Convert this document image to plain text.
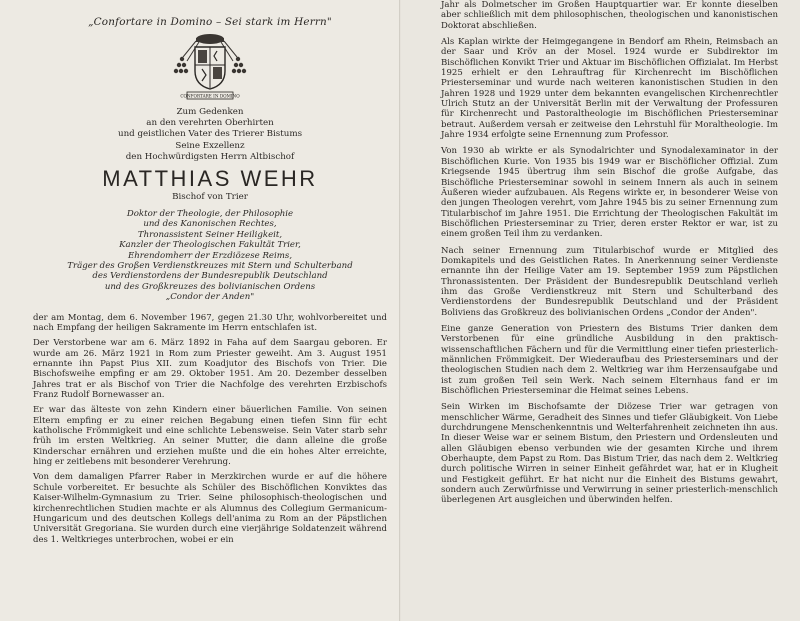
„Confortare in Domino – Sei stark im Herrn"
CONFORTARE IN DOMINO
Zum Gedenken
an den verehrten Oberhirten
und geistlichen Vater des Trierer Bistums
Seine Exzellenz
den Hochwürdigsten Herrn Altbischof
MATTHIAS WEHR
Bischof von Trier
Doktor der Theologie, der Philosophie
und des Kanonischen Rechtes,
Thronassistent Seiner Heiligkeit,
Kanzler der Theologischen Fakultät Trier,
Ehrendomherr der Erzdiözese Reims,
Träger des Großen Verdienstkreuzes mit Stern und Schulterband
des Verdienstordens der Bundesrepublik Deutschland
und des Großkreuzes des bolivianischen Ordens
„Condor der Anden"

der am Montag, dem 6. November 1967, gegen 21.30 Uhr, wohlvorbereitet und nach Empfang der heiligen Sakramente im Herrn entschlafen ist.

Der Verstorbene war am 6. März 1892 in Faha auf dem Saargau geboren. Er wurde am 26. März 1921 in Rom zum Priester geweiht. Am 3. August 1951 ernannte ihn Papst Pius XII. zum Koadjutor des Bischofs von Trier. Die Bischofsweihe empfing er am 29. Oktober 1951. Am 20. Dezember desselben Jahres trat er als Bischof von Trier die Nachfolge des verehrten Erzbischofs Franz Rudolf Bornewasser an.

Er war das älteste von zehn Kindern einer bäuerlichen Familie. Von seinen Eltern empfing er zu einer reichen Begabung einen tiefen Sinn für echt katholische Frömmigkeit und eine schlichte Lebensweise. Sein Vater starb sehr früh im ersten Weltkrieg. An seiner Mutter, die dann alleine die große Kinderschar ernähren und erziehen mußte und die ein hohes Alter erreichte, hing er zeitlebens mit besonderer Verehrung.

Von dem damaligen Pfarrer Raber in Merzkirchen wurde er auf die höhere Schule vorbereitet. Er besuchte als Schüler des Bischöflichen Konviktes das Kaiser-Wilhelm-Gymnasium zu Trier. Seine philosophisch-theologischen und kirchenrechtlichen Studien machte er als Alumnus des Collegium Germanicum-Hungaricum und des deutschen Kollegs dell'anima zu Rom an der Päpstlichen Universität Gregoriana. Sie wurden durch eine vierjährige Soldatenzeit während des 1. Weltkrieges unterbrochen, wobei er ein

Jahr als Dolmetscher im Großen Hauptquartier war. Er konnte dieselben aber schließlich mit dem philosophischen, theologischen und kanonistischen Doktorat abschließen.

Als Kaplan wirkte der Heimgegangene in Bendorf am Rhein, Reimsbach an der Saar und Kröv an der Mosel. 1924 wurde er Subdirektor im Bischöflichen Konvikt Trier und Aktuar im Bischöflichen Offizialat. Im Herbst 1925 erhielt er den Lehrauftrag für Kirchenrecht im Bischöflichen Priesterseminar und wurde nach weiteren kanonistischen Studien in den Jahren 1928 und 1929 unter dem bekannten evangelischen Kirchenrechtler Ulrich Stutz an der Universität Berlin mit der Verwaltung der Professuren für Kirchenrecht und Pastoraltheologie im Bischöflichen Priesterseminar betraut. Außerdem versah er zeitweise den Lehrstuhl für Moraltheologie. Im Jahre 1934 erfolgte seine Ernennung zum Professor.

Von 1930 ab wirkte er als Synodalrichter und Synodalexaminator in der Bischöflichen Kurie. Von 1935 bis 1949 war er Bischöflicher Offizial. Zum Kriegsende 1945 übertrug ihm sein Bischof die große Aufgabe, das Bischöfliche Priesterseminar sowohl in seinem Innern als auch in seinem Äußeren wieder aufzubauen. Als Regens wirkte er, in besonderer Weise von den jungen Theologen verehrt, vom Jahre 1945 bis zu seiner Ernennung zum Titularbischof im Jahre 1951. Die Errichtung der Theologischen Fakultät im Bischöflichen Priesterseminar zu Trier, deren erster Rektor er war, ist zu einem großen Teil ihm zu verdanken.

Nach seiner Ernennung zum Titularbischof wurde er Mitglied des Domkapitels und des Geistlichen Rates. In Anerkennung seiner Verdienste ernannte ihn der Heilige Vater am 19. September 1959 zum Päpstlichen Thronassistenten. Der Präsident der Bundesrepublik Deutschland verlieh ihm das Große Verdienstkreuz mit Stern und Schulterband des Verdienstordens der Bundesrepublik Deutschland und der Präsident Boliviens das Großkreuz des bolivianischen Ordens „Condor der Anden".

Eine ganze Generation von Priestern des Bistums Trier danken dem Verstorbenen für eine gründliche Ausbildung in den praktisch-wissenschaftlichen Fächern und für die Vermittlung einer tiefen priesterlich-männlichen Frömmigkeit. Der Wiederaufbau des Priesterseminars und der theologischen Studien nach dem 2. Weltkrieg war ihm Herzensaufgabe und ist zum großen Teil sein Werk. Nach seinem Elternhaus fand er im Bischöflichen Priesterseminar die Heimat seines Lebens.

Sein Wirken im Bischofsamte der Diözese Trier war getragen von menschlicher Wärme, Geradheit des Sinnes und tiefer Gläubigkeit. Von Liebe durchdrungene Menschenkenntnis und Welterfahrenheit zeichneten ihn aus. In dieser Weise war er seinem Bistum, den Priestern und Ordensleuten und allen Gläubigen ebenso verbunden wie der gesamten Kirche und ihrem Oberhaupte, dem Papst zu Rom. Das Bistum Trier, das nach dem 2. Weltkrieg durch politische Wirren in seiner Einheit gefährdet war, hat er in Klugheit und Festigkeit geführt. Er hat nicht nur die Einheit des Bistums gewahrt, sondern auch Zerwürfnisse und Verwirrung in seiner priesterlich-menschlich überlegenen Art ausgleichen und überwinden helfen.
